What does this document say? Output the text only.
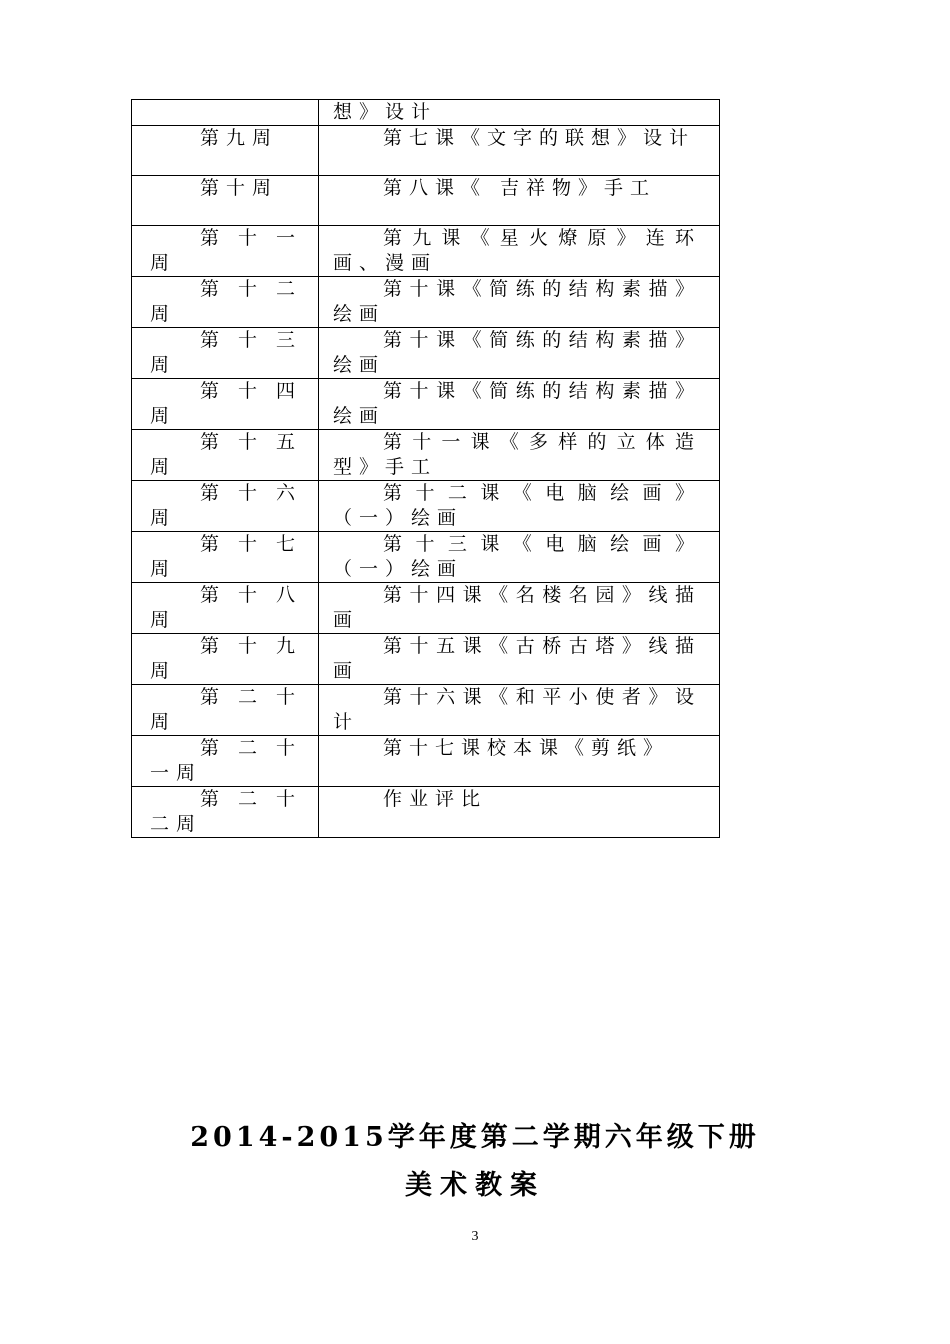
	想》设计

第九周	第七课《文字的联想》设计

第十周	第八课《 吉祥物》手工

第十一周	第九课《星火燎原》连环画、漫画

第十二周	第十课《简练的结构素描》绘画

第十三周	第十课《简练的结构素描》绘画

第十四周	第十课《简练的结构素描》绘画

第十五周	第十一课《多样的立体造型》手工

第十六周	第十二课《电脑绘画》（一）绘画

第十七周	第十三课《电脑绘画》（一）绘画

第十八周	第十四课《名楼名园》线描画

第十九周	第十五课《古桥古塔》线描画

第二十周	第十六课《和平小使者》设计

第二十一周	第十七课校本课《剪纸》

第二十二周	作业评比
2014-2015学年度第二学期六年级下册
美术教案
3
